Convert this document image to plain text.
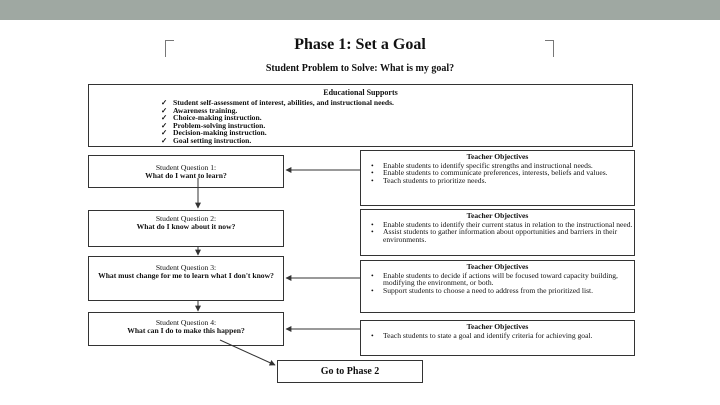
Phase 1: Set a Goal
Student Problem to Solve: What is my goal?
Educational Supports
✓ Student self-assessment of interest, abilities, and instructional needs.
✓ Awareness training.
✓ Choice-making instruction.
✓ Problem-solving instruction.
✓ Decision-making instruction.
✓ Goal setting instruction.
Student Question 1:
What do I want to learn?
Student Question 2:
What do I know about it now?
Student Question 3:
What must change for me to learn what I don't know?
Student Question 4:
What can I do to make this happen?
Teacher Objectives
• Enable students to identify specific strengths and instructional needs.
• Enable students to communicate preferences, interests, beliefs and values.
• Teach students to prioritize needs.
Teacher Objectives
• Enable students to identify their current status in relation to the instructional need.
• Assist students to gather information about opportunities and barriers in their environments.
Teacher Objectives
• Enable students to decide if actions will be focused toward capacity building, modifying the environment, or both.
• Support students to choose a need to address from the prioritized list.
Teacher Objectives
• Teach students to state a goal and identify criteria for achieving goal.
Go to Phase 2
